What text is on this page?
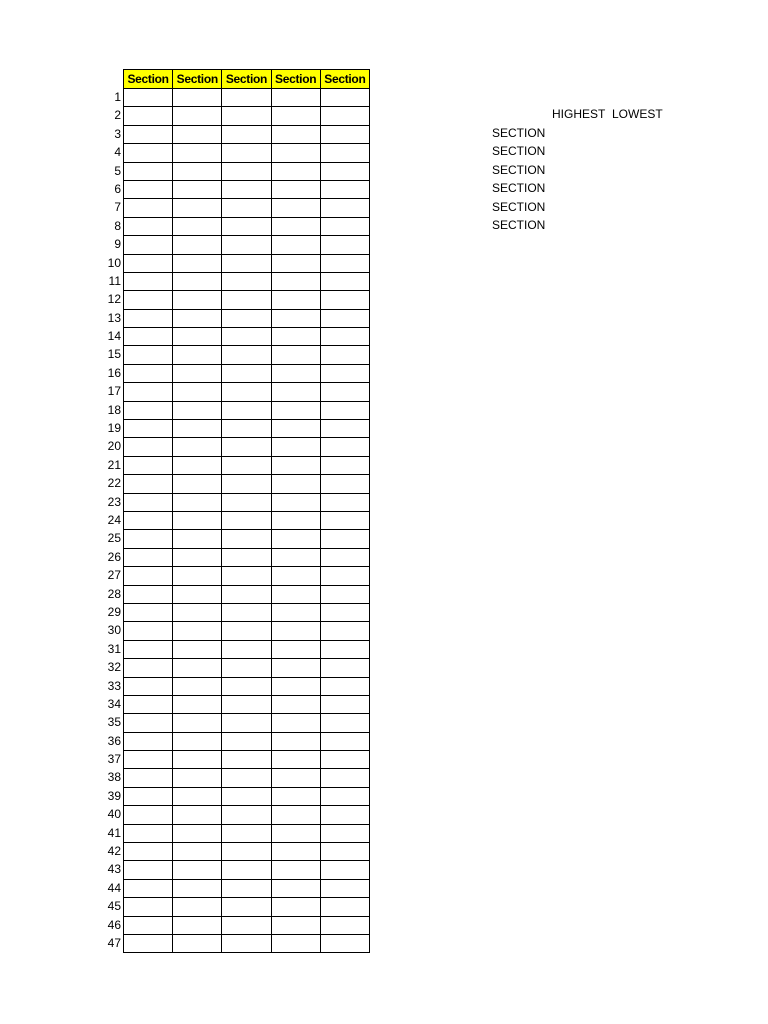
Section	Section	Section	Section	Section

1
2
3
4
5
6
7
8
9
10
11
12
13
14
15
16
17
18
19
20
21
22
23
24
25
26
27
28
29
30
31
32
33
34
35
36
37
38
39
40
41
42
43
44
45
46
47
HIGHEST LOWEST
SECTION
SECTION
SECTION
SECTION
SECTION
SECTION
